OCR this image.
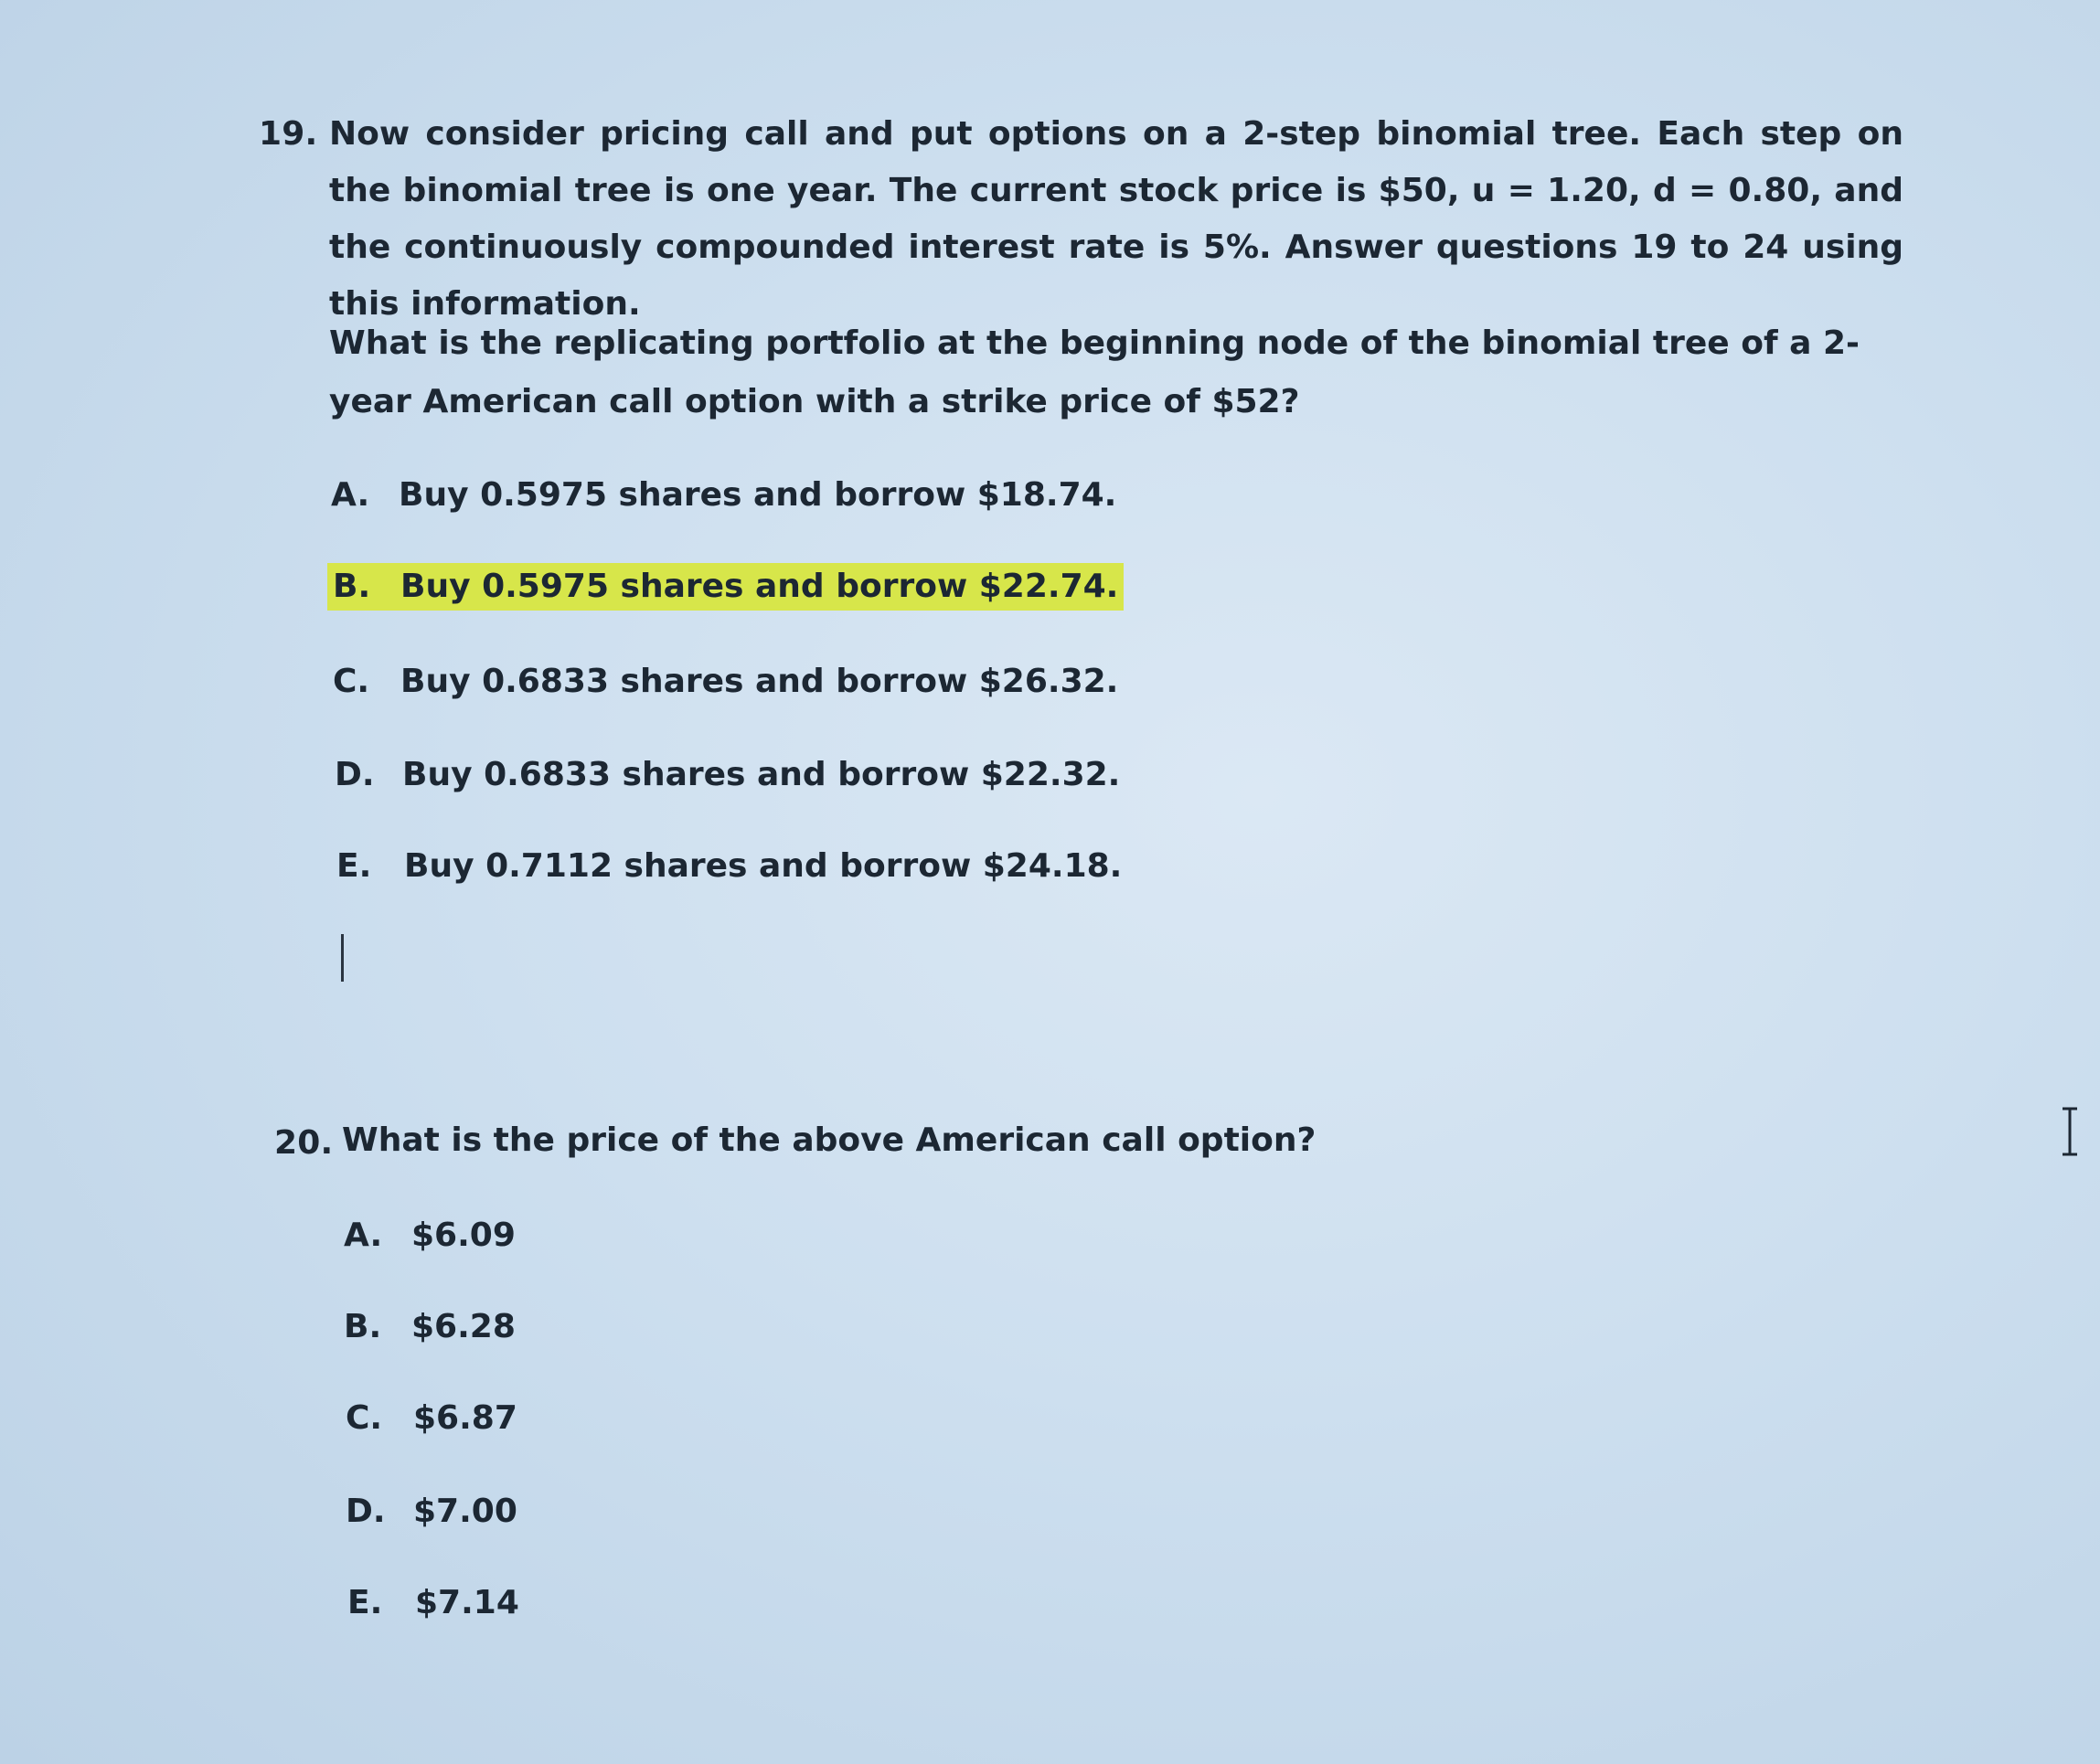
19. Now consider pricing call and put options on a 2-step binomial tree. Each step on the binomial tree is one year. The current stock price is $50, u = 1.20, d = 0.80, and the continuously compounded interest rate is 5%. Answer questions 19 to 24 using this information.
What is the replicating portfolio at the beginning node of the binomial tree of a 2-year American call option with a strike price of $52?
A. Buy 0.5975 shares and borrow $18.74.
B. Buy 0.5975 shares and borrow $22.74.
C. Buy 0.6833 shares and borrow $26.32.
D. Buy 0.6833 shares and borrow $22.32.
E. Buy 0.7112 shares and borrow $24.18.
20. What is the price of the above American call option?
A. $6.09
B. $6.28
C. $6.87
D. $7.00
E. $7.14
